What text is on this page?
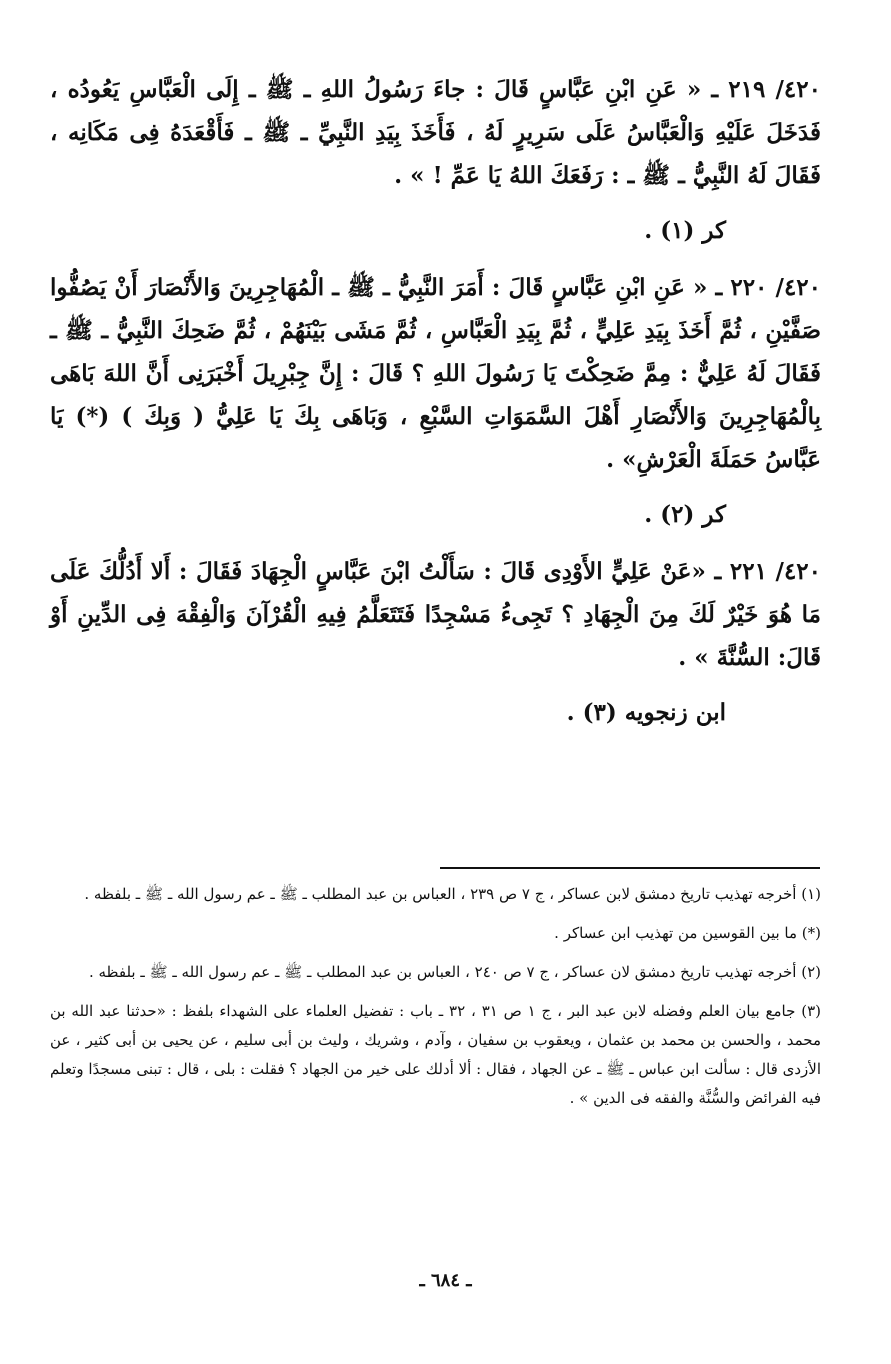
٤٢٠/ ٢١٩ ـ « عَنِ ابْنِ عَبَّاسٍ قَالَ : جاءَ رَسُولُ اللهِ ـ ﷺ ـ إِلَى الْعَبَّاسِ يَعُودُه ، فَدَخَلَ عَلَيْهِ وَالْعَبَّاسُ عَلَى سَرِيرٍ لَهُ ، فَأَخَذَ بِيَدِ النَّبِيِّ ـ ﷺ ـ فَأَقْعَدَهُ فِى مَكَانِه ، فَقَالَ لَهُ النَّبِيُّ ـ ﷺ ـ : رَفَعَكَ اللهُ يَا عَمِّ ! » .

كر (١) .

٤٢٠/ ٢٢٠ ـ « عَنِ ابْنِ عَبَّاسٍ قَالَ : أَمَرَ النَّبِيُّ ـ ﷺ ـ الْمُهَاجِرِينَ وَالأَنْصَارَ أَنْ يَصُفُّوا صَفَّيْنِ ، ثُمَّ أَخَذَ بِيَدِ عَلِيٍّ ، ثُمَّ بِيَدِ الْعَبَّاسِ ، ثُمَّ مَشَى بَيْنَهُمْ ، ثُمَّ ضَحِكَ النَّبِيُّ ـ ﷺ ـ فَقَالَ لَهُ عَلِيٌّ : مِمَّ ضَحِكْتَ يَا رَسُولَ اللهِ ؟ قَالَ : إِنَّ جِبْرِيلَ أَخْبَرَنِى أَنَّ اللهَ بَاهَى بِالْمُهَاجِرِينَ وَالأَنْصَارِ أَهْلَ السَّمَوَاتِ السَّبْعِ ، وَبَاهَى بِكَ يَا عَلِيُّ ( وَبِكَ ) (*) يَا عَبَّاسُ حَمَلَةَ الْعَرْشِ» .

كر (٢) .

٤٢٠/ ٢٢١ ـ «عَنْ عَلِيٍّ الأَوْدِى قَالَ : سَأَلْتُ ابْنَ عَبَّاسٍ الْجِهَادَ فَقَالَ : أَلا أَدُلُّكَ عَلَى مَا هُوَ خَيْرٌ لَكَ مِنَ الْجِهَادِ ؟ تَجِىءُ مَسْجِدًا فَتَتَعَلَّمُ فِيهِ الْقُرْآنَ وَالْفِقْهَ فِى الدِّينِ أَوْ قَالَ: السُّنَّةَ » .

ابن زنجويه (٣) .

(١) أخرجه تهذيب تاريخ دمشق لابن عساكر ، ج ٧ ص ٢٣٩ ، العباس بن عبد المطلب ـ ﷺ ـ عم رسول الله ـ ﷺ ـ بلفظه .

(*) ما بين القوسين من تهذيب ابن عساكر .

(٢) أخرجه تهذيب تاريخ دمشق لان عساكر ، ج ٧ ص ٢٤٠ ، العباس بن عبد المطلب ـ ﷺ ـ عم رسول الله ـ ﷺ ـ بلفظه .

(٣) جامع بيان العلم وفضله لابن عبد البر ، ج ١ ص ٣١ ، ٣٢ ـ باب : تفضيل العلماء على الشهداء بلفظ : «حدثنا عبد الله بن محمد ، والحسن بن محمد بن عثمان ، ويعقوب بن سفيان ، وآدم ، وشريك ، وليث بن أبى سليم ، عن يحيى بن أبى كثير ، عن الأزدى قال : سألت ابن عباس ـ ﷺ ـ عن الجهاد ، فقال : ألا أدلك على خير من الجهاد ؟ فقلت : بلى ، قال : تبنى مسجدًا وتعلم فيه الفرائض والسُّنَّة والفقه فى الدين » .

ـ ٦٨٤ ـ
